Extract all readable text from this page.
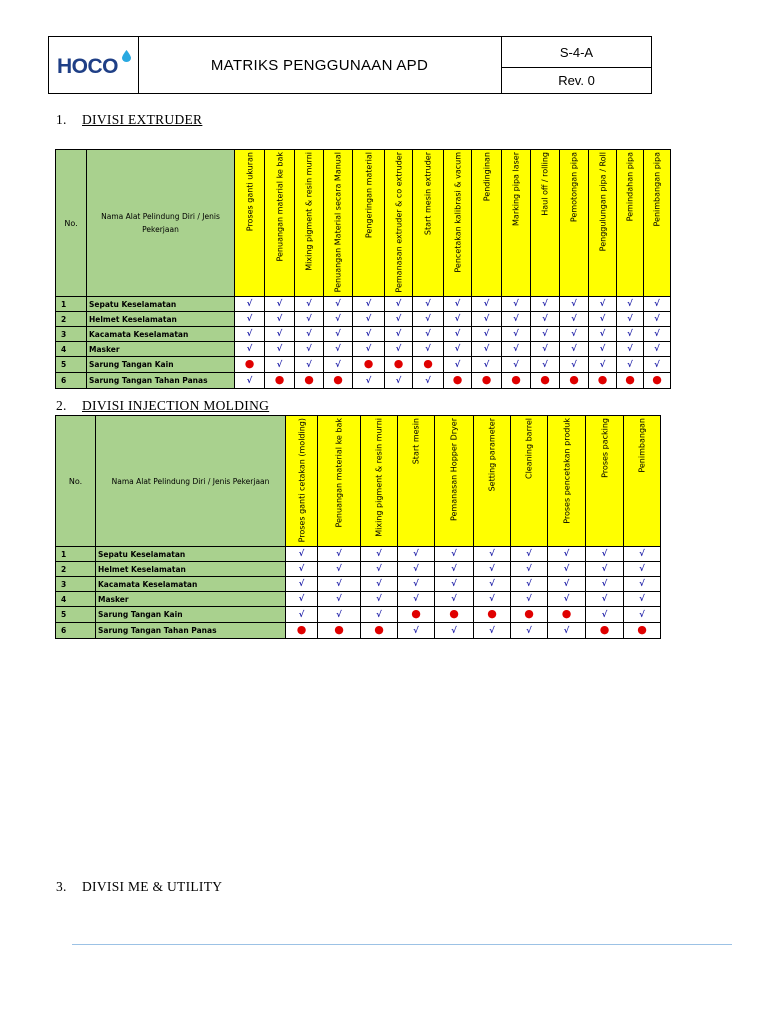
HOCO	MATRIKS PENGGUNAAN APD
S-4-A
Rev. 0
1. DIVISI EXTRUDER
No.	Nama Alat Pelindung Diri / Jenis Pekerjaan	Proses ganti ukuran	Penuangan material ke bak	Mixing pigment & resin murni	Penuangan Material secara Manual	Pengeringan material	Pemanasan extruder & co extruder	Start mesin extruder	Pencetakan kalibrasi & vacum	Pendinginan	Marking pipa laser	Haul off / rolling	Pemotongan pipa	Penggulungan pipa / Roll	Pemindahan pipa	Penimbangan pipa

1	Sepatu Keselamatan	√	√	√	√	√	√	√	√	√	√	√	√	√	√	√
2	Helmet Keselamatan	√	√	√	√	√	√	√	√	√	√	√	√	√	√	√
3	Kacamata Keselamatan	√	√	√	√	√	√	√	√	√	√	√	√	√	√	√
4	Masker	√	√	√	√	√	√	√	√	√	√	√	√	√	√	√
5	Sarung Tangan Kain	●	√	√	√	●	●	●	√	√	√	√	√	√	√	√
6	Sarung Tangan Tahan Panas	√	●	●	●	√	√	√	●	●	●	●	●	●	●	●
2. DIVISI INJECTION MOLDING
No.	Nama Alat Pelindung Diri / Jenis Pekerjaan	Proses ganti cetakan (molding)	Penuangan material ke bak	Mixing pigment & resin murni	Start mesin	Pemanasan Hopper Dryer	Setting parameter	Cleaning barrel	Proses pencetakan produk	Proses packing	Penimbangan

1	Sepatu Keselamatan	√	√	√	√	√	√	√	√	√	√
2	Helmet Keselamatan	√	√	√	√	√	√	√	√	√	√
3	Kacamata Keselamatan	√	√	√	√	√	√	√	√	√	√
4	Masker	√	√	√	√	√	√	√	√	√	√
5	Sarung Tangan Kain	√	√	√	●	●	●	●	●	√	√
6	Sarung Tangan Tahan Panas	●	●	●	√	√	√	√	√	●	●
3. DIVISI ME & UTILITY
